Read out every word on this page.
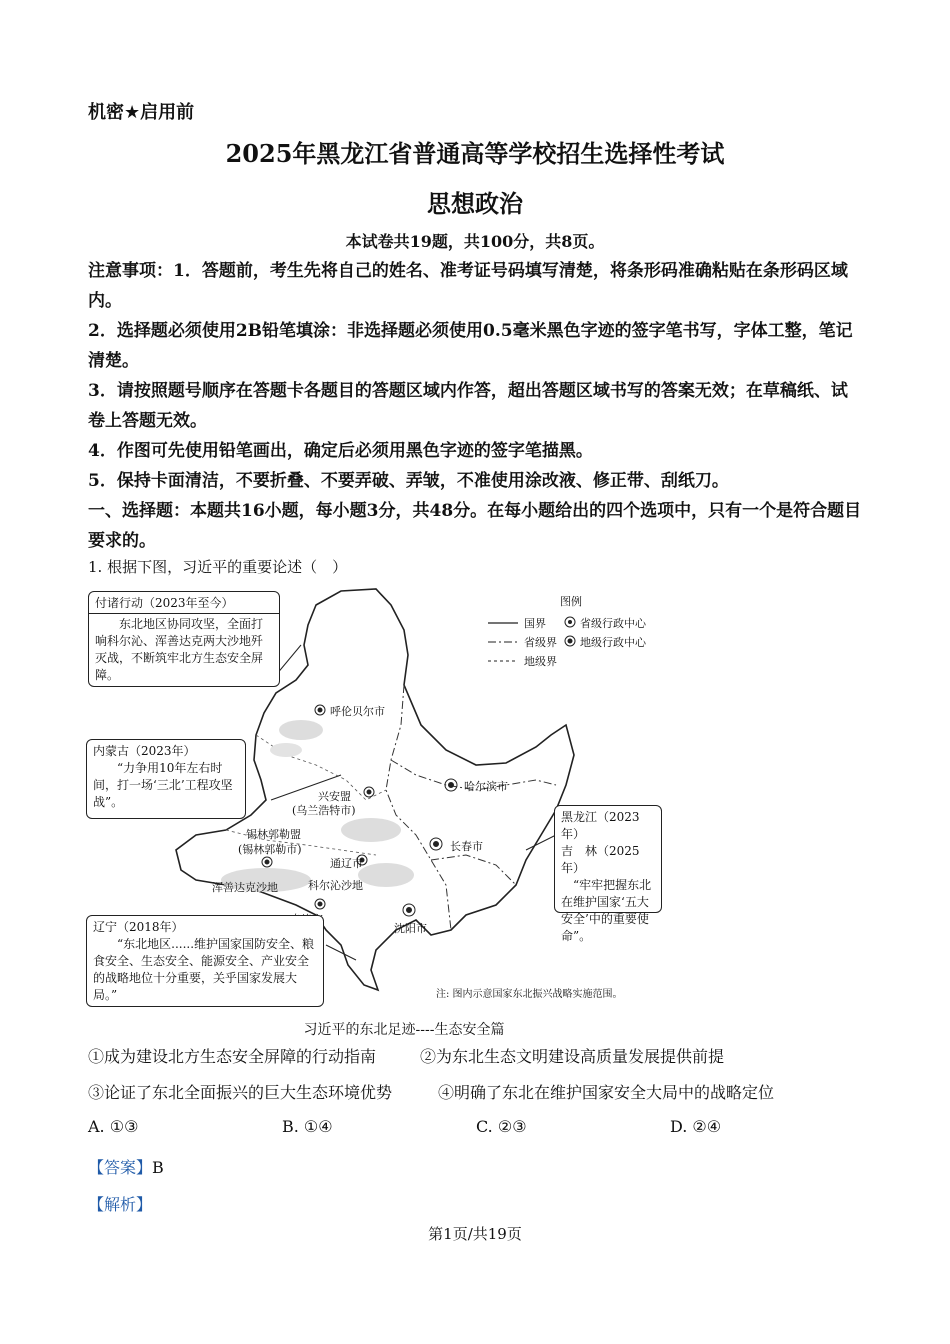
机密★启用前
2025年黑龙江省普通高等学校招生选择性考试
思想政治
本试卷共19题，共100分，共8页。

注意事项：1．答题前，考生先将自己的姓名、准考证号码填写清楚，将条形码准确粘贴在条形码区域内。

2．选择题必须使用2B铅笔填涂：非选择题必须使用0.5毫米黑色字迹的签字笔书写，字体工整，笔记清楚。

3．请按照题号顺序在答题卡各题目的答题区域内作答，超出答题区域书写的答案无效；在草稿纸、试卷上答题无效。

4．作图可先使用铅笔画出，确定后必须用黑色字迹的签字笔描黑。

5．保持卡面清洁，不要折叠、不要弄破、弄皱，不准使用涂改液、修正带、刮纸刀。

一、选择题：本题共16小题，每小题3分，共48分。在每小题给出的四个选项中，只有一个是符合题目要求的。

1. 根据下图，习近平的重要论述（　）
图例
国界
省级界
地级界
省级行政中心
地级行政中心
呼伦贝尔市
哈尔滨市
兴安盟
(乌兰浩特市)
锡林郭勒盟
(锡林郭勒市)	长春市
通辽市
浑善达克沙地	科尔沁沙地
沈阳市
付诸行动（2023年至今）
东北地区协同攻坚，全面打响科尔沁、浑善达克两大沙地歼灭战，不断筑牢北方生态安全屏障。
内蒙古（2023年）
“力争用10年左右时间，打一场‘三北’工程攻坚战”。
黑龙江（2023年）
吉　林（2025年）
“牢牢把握东北在维护国家‘五大安全’中的重要使命”。
辽宁（2018年）
“东北地区......维护国家国防安全、粮食安全、生态安全、能源安全、产业安全的战略地位十分重要，关乎国家发展大局。”	注: 图内示意国家东北振兴战略实施范围。
习近平的东北足迹----生态安全篇
①成为建设北方生态安全屏障的行动指南	②为东北生态文明建设高质量发展提供前提
③论证了东北全面振兴的巨大生态环境优势	④明确了东北在维护国家安全大局中的战略定位
A. ①③	B. ①④	C. ②③	D. ②④
【答案】B
【解析】
第1页/共19页
